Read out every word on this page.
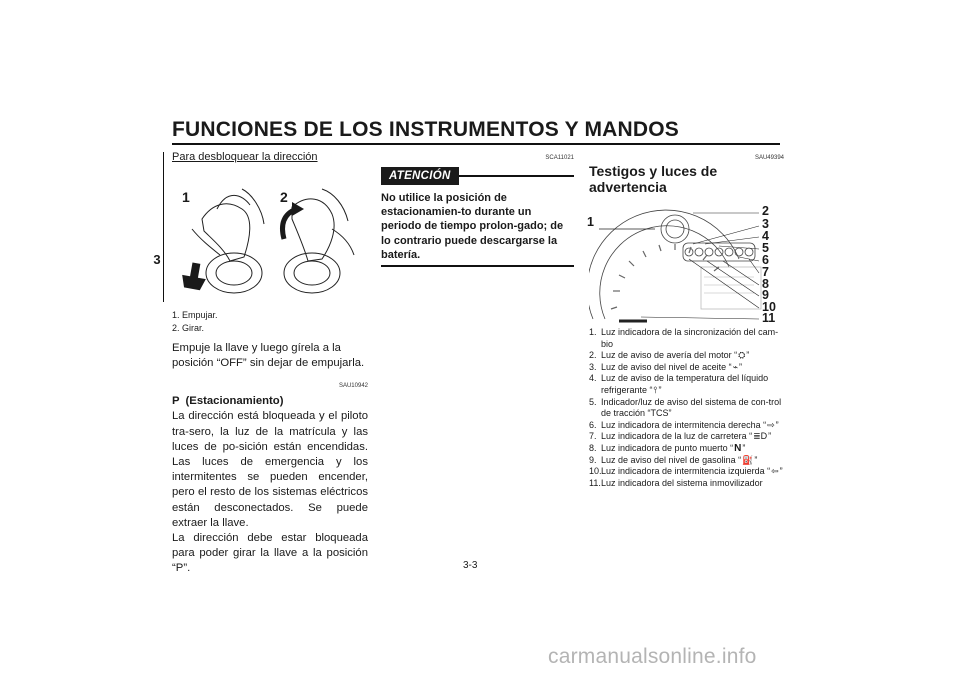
FUNCIONES DE LOS INSTRUMENTOS Y MANDOS
3

Para desbloquear la dirección

1	2
1. Empujar.
2. Girar.

Empuje la llave y luego gírela a la posición “OFF” sin dejar de empujarla.

SAU10942

P (Estacionamiento)

La dirección está bloqueada y el piloto tra-sero, la luz de la matrícula y las luces de po-sición están encendidas. Las luces de emergencia y los intermitentes se pueden encender, pero el resto de los sistemas eléctricos están desconectados. Se puede extraer la llave.

La dirección debe estar bloqueada para poder girar la llave a la posición “P”.

SCA11021
ATENCIÓN

No utilice la posición de estacionamien-to durante un periodo de tiempo prolon-gado; de lo contrario puede descargarse la batería.

SAU49394

Testigos y luces de advertencia

1
2
3
4
5
6
7
8
9
10
11
1. Luz indicadora de la sincronización del cam-bio
2. Luz de aviso de avería del motor “⛭”
3. Luz de aviso del nivel de aceite “⌁”
4. Luz de aviso de la temperatura del líquido refrigerante “⫯”
5. Indicador/luz de aviso del sistema de con-trol de tracción “TCS”
6. Luz indicadora de intermitencia derecha “⇨”
7. Luz indicadora de la luz de carretera “≣D”
8. Luz indicadora de punto muerto “N”
9. Luz de aviso del nivel de gasolina “⛽”
10. Luz indicadora de intermitencia izquierda “⇦”
11. Luz indicadora del sistema inmovilizador
3-3
carmanualsonline.info
